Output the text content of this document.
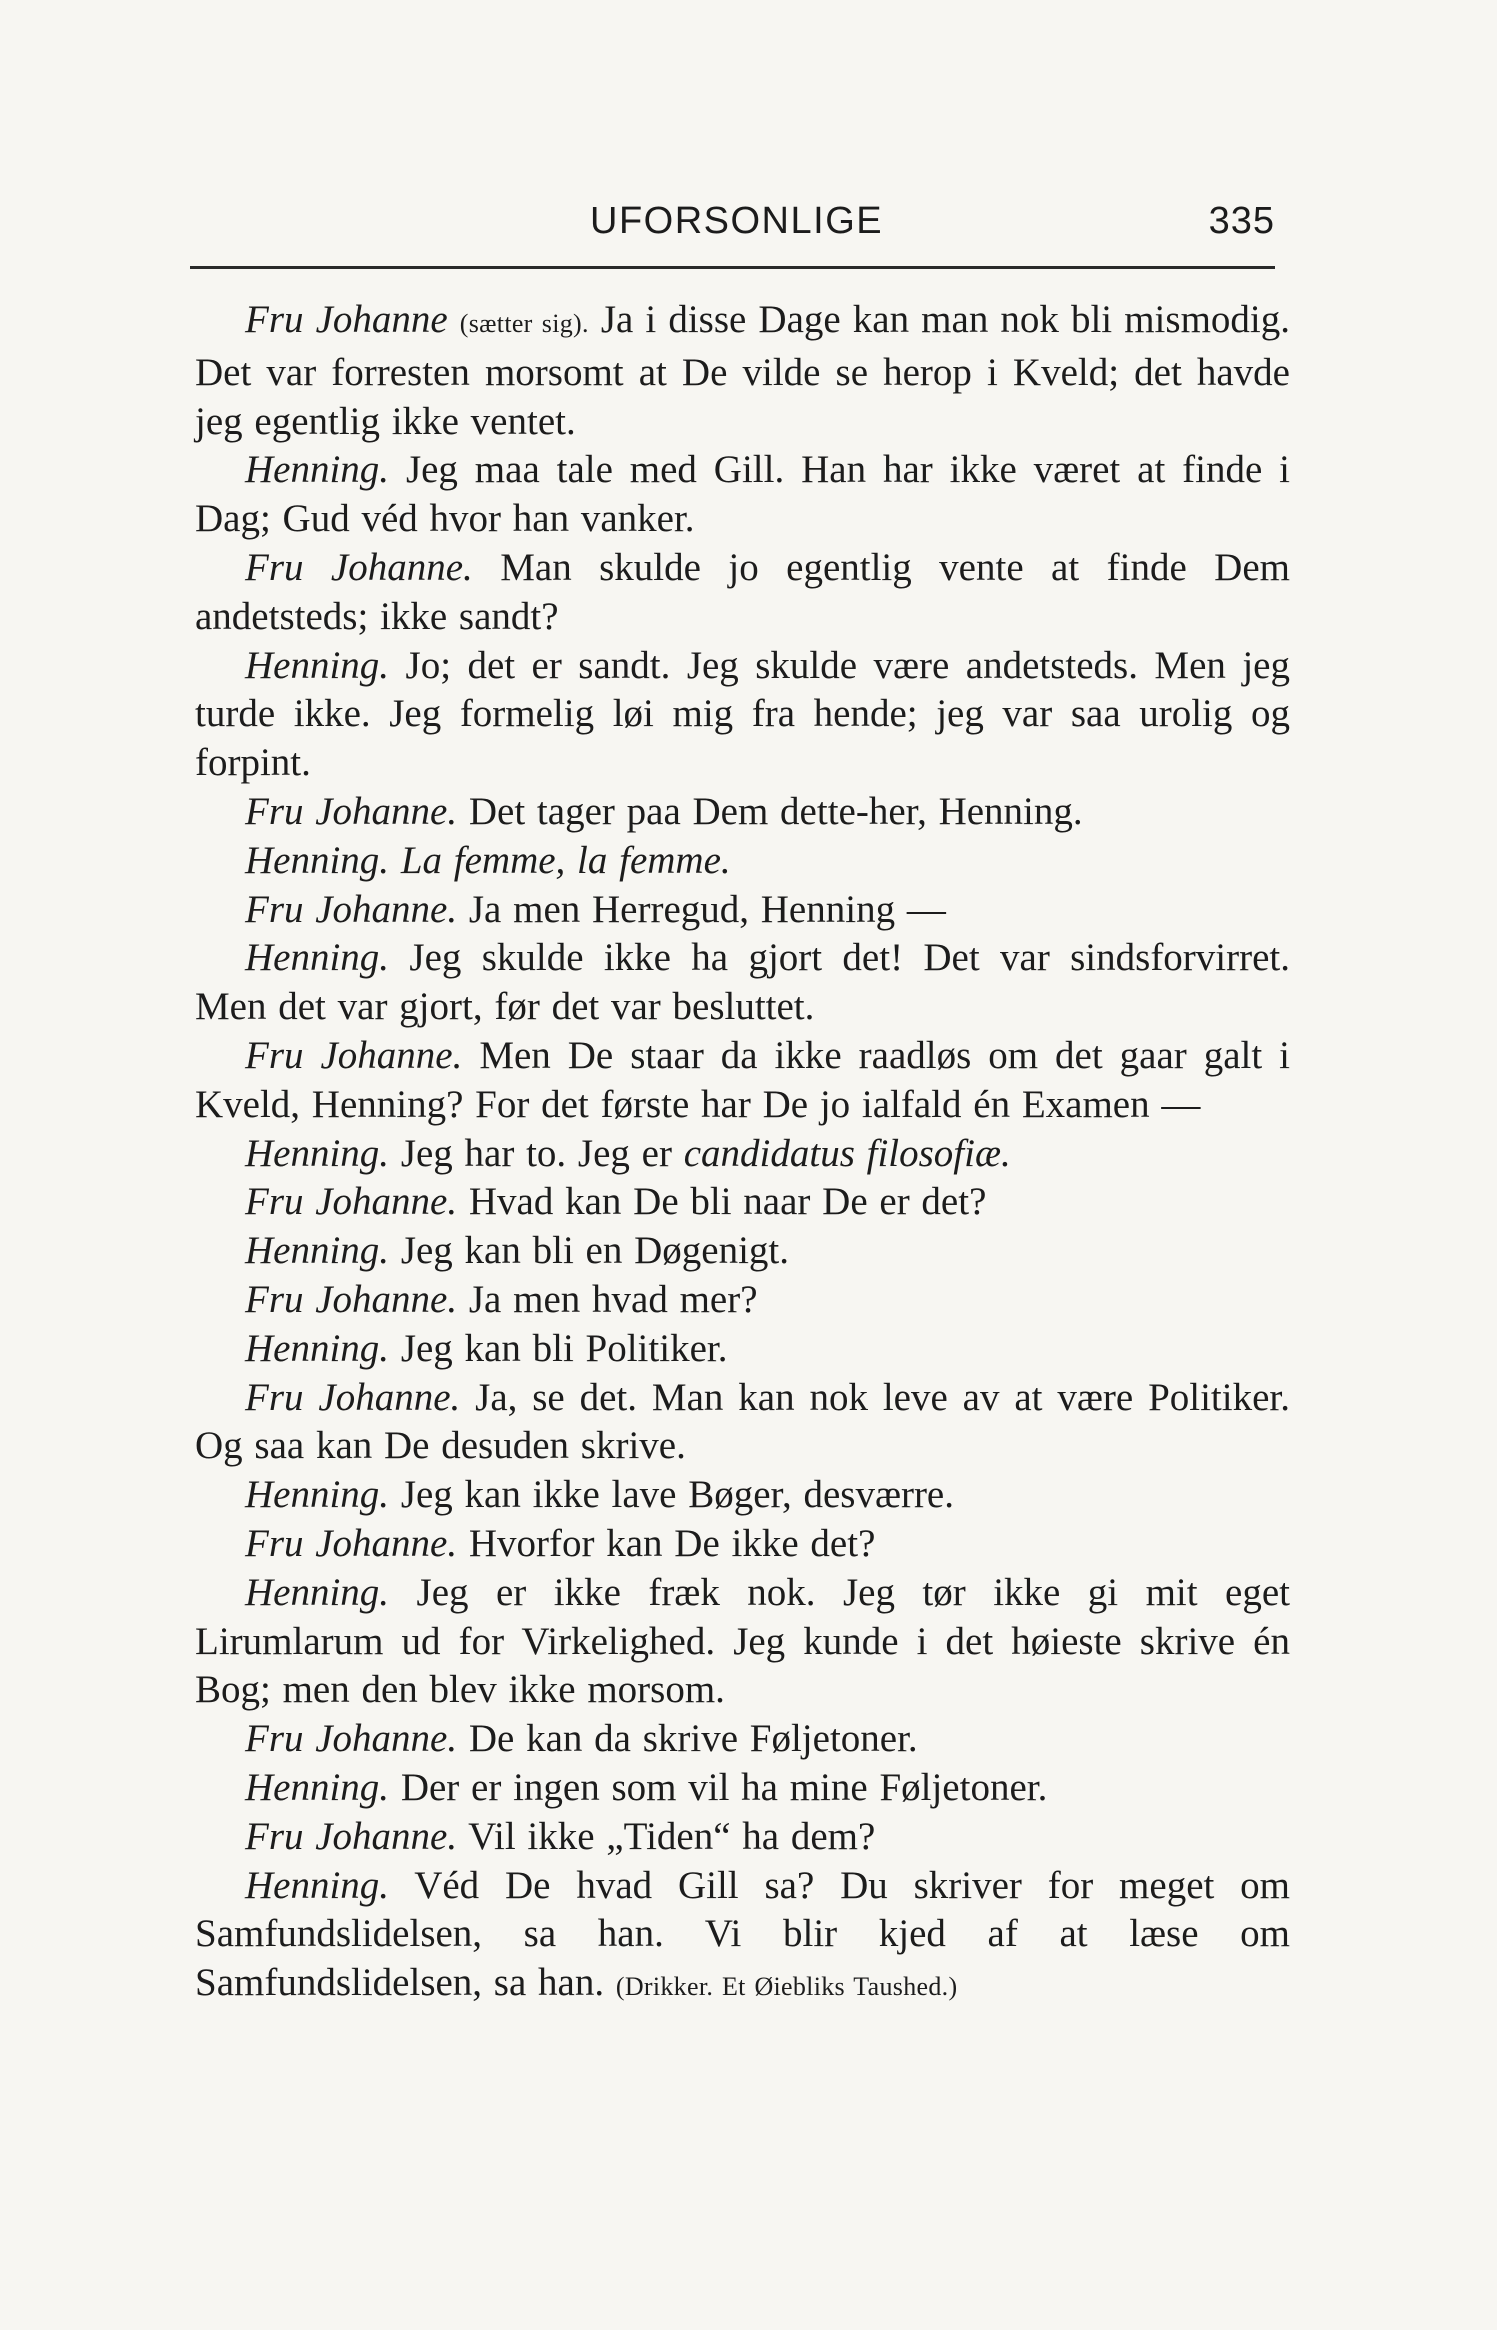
UFORSONLIGE	335

Fru Johanne (sætter sig). Ja i disse Dage kan man nok bli mismodig. Det var forresten morsomt at De vilde se herop i Kveld; det havde jeg egentlig ikke ventet.

Henning. Jeg maa tale med Gill. Han har ikke været at finde i Dag; Gud véd hvor han vanker.

Fru Johanne. Man skulde jo egentlig vente at finde Dem andetsteds; ikke sandt?

Henning. Jo; det er sandt. Jeg skulde være andetsteds. Men jeg turde ikke. Jeg formelig løi mig fra hende; jeg var saa urolig og forpint.

Fru Johanne. Det tager paa Dem dette-her, Henning.

Henning. La femme, la femme.

Fru Johanne. Ja men Herregud, Henning —

Henning. Jeg skulde ikke ha gjort det! Det var sindsforvirret. Men det var gjort, før det var besluttet.

Fru Johanne. Men De staar da ikke raadløs om det gaar galt i Kveld, Henning? For det første har De jo ialfald én Examen —

Henning. Jeg har to. Jeg er candidatus filosofiæ.

Fru Johanne. Hvad kan De bli naar De er det?

Henning. Jeg kan bli en Døgenigt.

Fru Johanne. Ja men hvad mer?

Henning. Jeg kan bli Politiker.

Fru Johanne. Ja, se det. Man kan nok leve av at være Politiker. Og saa kan De desuden skrive.

Henning. Jeg kan ikke lave Bøger, desværre.

Fru Johanne. Hvorfor kan De ikke det?

Henning. Jeg er ikke fræk nok. Jeg tør ikke gi mit eget Lirumlarum ud for Virkelighed. Jeg kunde i det høieste skrive én Bog; men den blev ikke morsom.

Fru Johanne. De kan da skrive Føljetoner.

Henning. Der er ingen som vil ha mine Føljetoner.

Fru Johanne. Vil ikke „Tiden“ ha dem?

Henning. Véd De hvad Gill sa? Du skriver for meget om Samfundslidelsen, sa han. Vi blir kjed af at læse om Samfundslidelsen, sa han. (Drikker. Et Øiebliks Taushed.)
